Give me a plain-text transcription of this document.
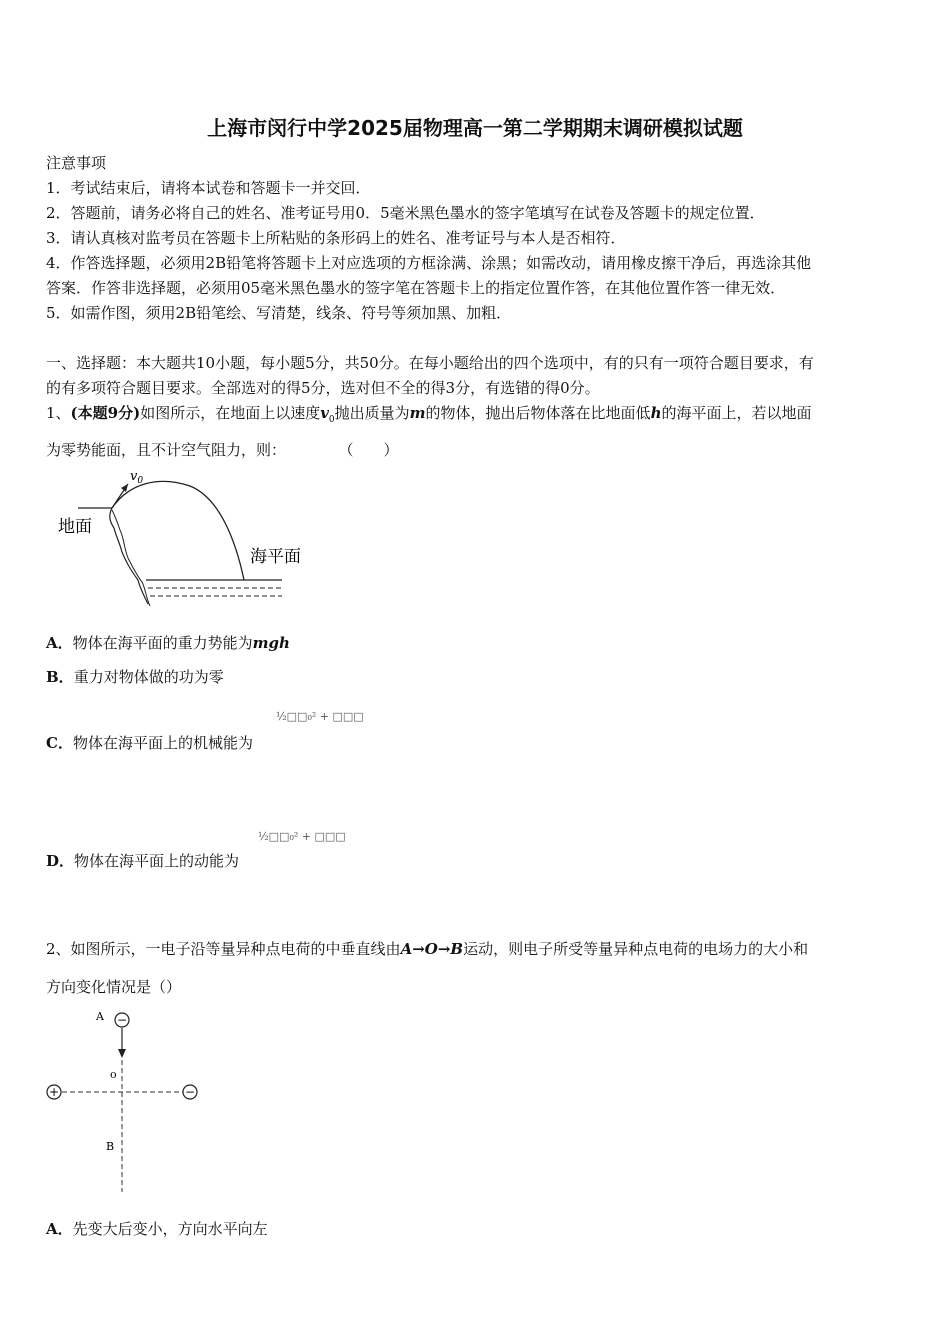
上海市闵行中学2025届物理高一第二学期期末调研模拟试题
注意事项
1．考试结束后，请将本试卷和答题卡一并交回．
2．答题前，请务必将自己的姓名、准考证号用0．5毫米黑色墨水的签字笔填写在试卷及答题卡的规定位置．
3．请认真核对监考员在答题卡上所粘贴的条形码上的姓名、准考证号与本人是否相符．
4．作答选择题，必须用2B铅笔将答题卡上对应选项的方框涂满、涂黑；如需改动，请用橡皮擦干净后，再选涂其他
答案．作答非选择题，必须用05毫米黑色墨水的签字笔在答题卡上的指定位置作答，在其他位置作答一律无效．
5．如需作图，须用2B铅笔绘、写清楚，线条、符号等须加黑、加粗．
一、选择题：本大题共10小题，每小题5分，共50分。在每小题给出的四个选项中，有的只有一项符合题目要求，有
的有多项符合题目要求。全部选对的得5分，选对但不全的得3分，有选错的得0分。
1、(本题9分)如图所示，在地面上以速度$v_0$抛出质量为m的物体，抛出后物体落在比地面低h的海平面上，若以地面
为零势能面，且不计空气阻力，则：	（　　）
$v_0$
地面
海平面
A．物体在海平面的重力势能为mgh
B．重力对物体做的功为零
C．物体在海平面上的机械能为
½□□₀² + □□□
D．物体在海平面上的动能为
½□□₀² + □□□
2、如图所示，一电子沿等量异种点电荷的中垂直线由A→O→B运动，则电子所受等量异种点电荷的电场力的大小和
方向变化情况是（）
−
+	−
A
o
B
A．先变大后变小，方向水平向左
